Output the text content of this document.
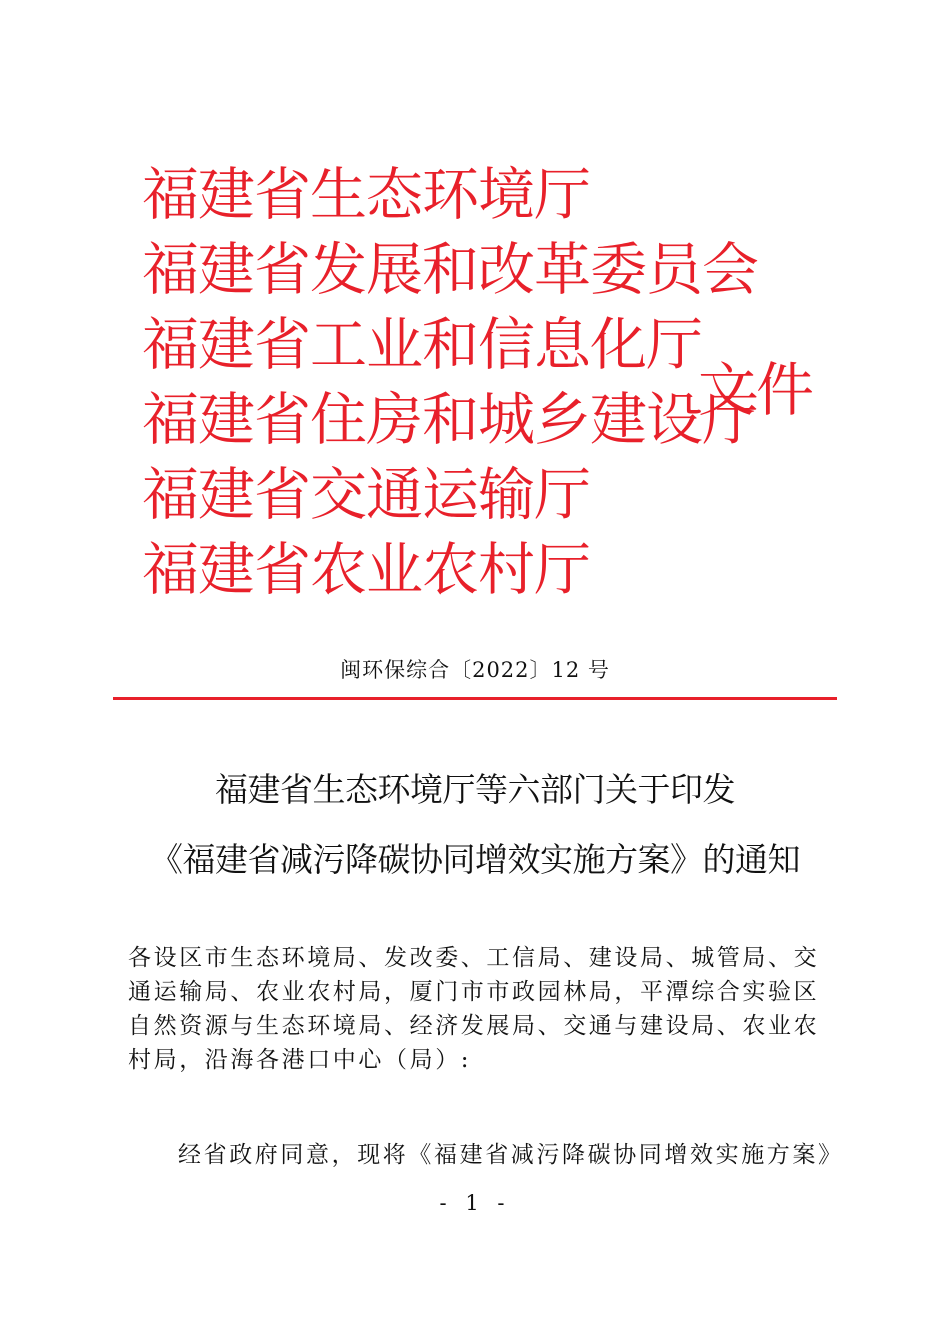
福建省生态环境厅
福建省发展和改革委员会
福建省工业和信息化厅
福建省住房和城乡建设厅
福建省交通运输厅
福建省农业农村厅
文件
闽环保综合〔2022〕12 号
福建省生态环境厅等六部门关于印发
《福建省减污降碳协同增效实施方案》的通知
各设区市生态环境局、发改委、工信局、建设局、城管局、交
通运输局、农业农村局，厦门市市政园林局，平潭综合实验区
自然资源与生态环境局、经济发展局、交通与建设局、农业农
村局，沿海各港口中心（局）:
经省政府同意，现将《福建省减污降碳协同增效实施方案》
- 1 -
